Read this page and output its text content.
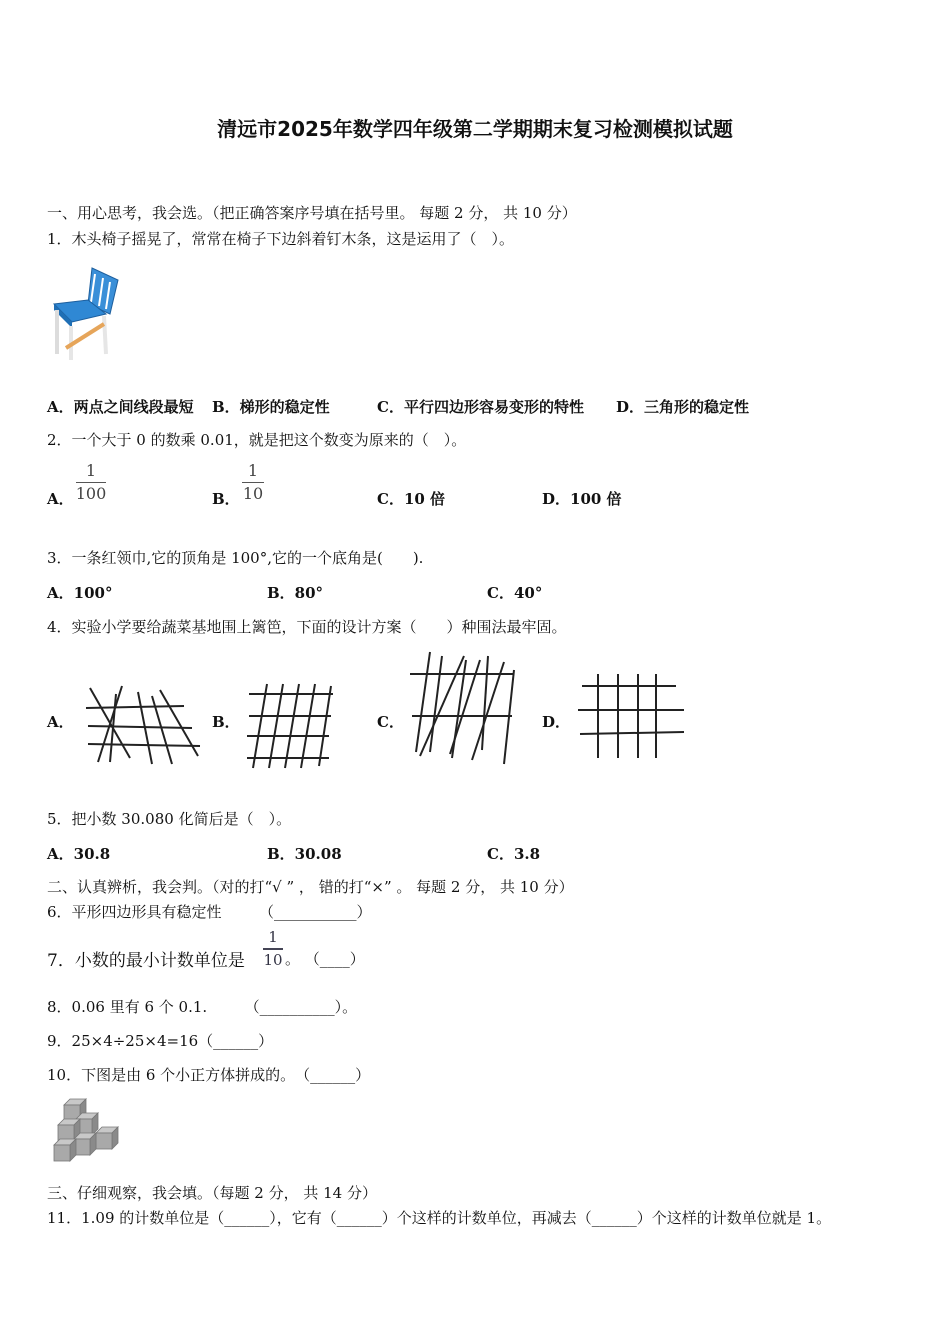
清远市2025年数学四年级第二学期期末复习检测模拟试题
一、用心思考，我会选。（把正确答案序号填在括号里。 每题 2 分， 共 10 分）
1．木头椅子摇晃了，常常在椅子下边斜着钉木条，这是运用了（　）。
A．两点之间线段最短 B．梯形的稳定性	C．平行四边形容易变形的特性 D．三角形的稳定性
2．一个大于 0 的数乘 0.01，就是把这个数变为原来的（　）。
A．
1
100	B．
1
10	C．10 倍	D．100 倍
3．一条红领巾,它的顶角是 100°,它的一个底角是(　　).
A．100°	B．80°	C．40°
4．实验小学要给蔬菜基地围上篱笆，下面的设计方案（　　）种围法最牢固。
A．	B．	C．	D．
5．把小数 30.080 化简后是（　）。
A．30.8	B．30.08	C．3.8
二、认真辨析，我会判。（对的打“√ ” ， 错的打“×” 。 每题 2 分， 共 10 分）
6．平形四边形具有稳定性　　　（___________）
7．小数的最小计数单位是
1
10 。 （____）
8．0.06 里有 6 个 0.1.　　　（__________）。
9．25×4÷25×4=16（______）
10．下图是由 6 个小正方体拼成的。　（______）
三、仔细观察，我会填。（每题 2 分， 共 14 分）
11．1.09 的计数单位是（______），它有（______）个这样的计数单位，再减去（______）个这样的计数单位就是 1。
